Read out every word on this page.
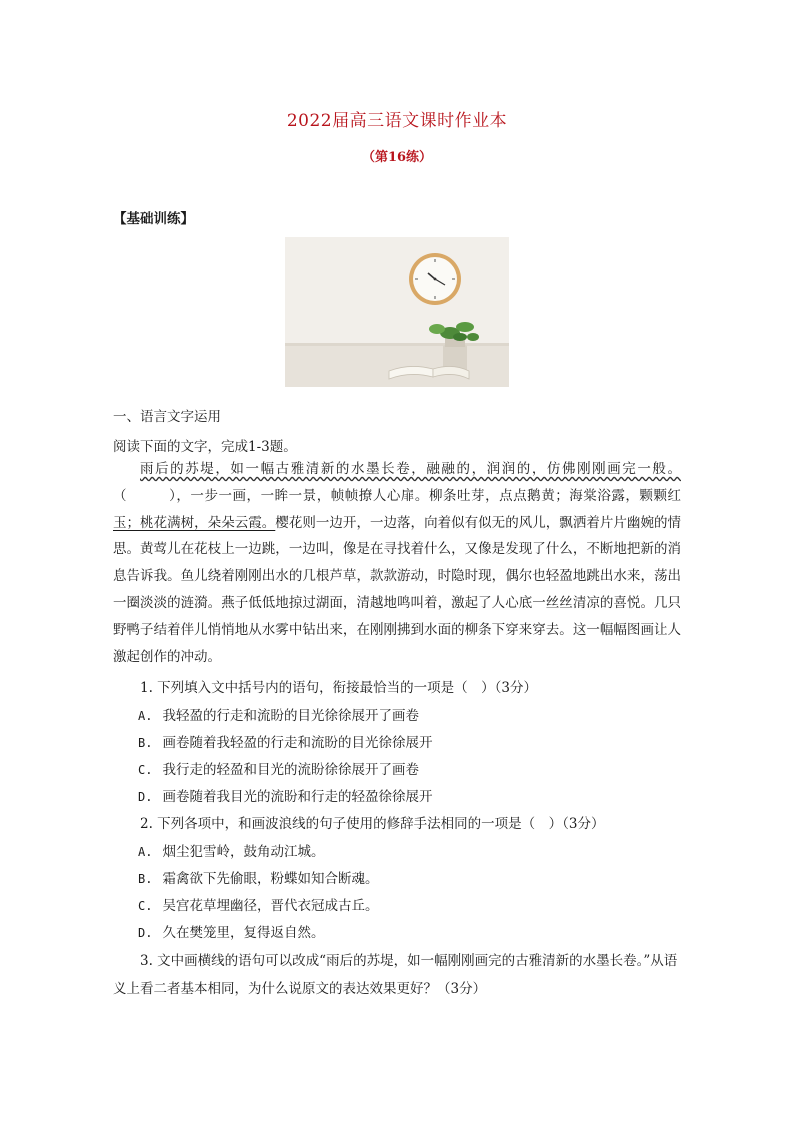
2022届高三语文课时作业本
（第16练）
【基础训练】
一、语言文字运用
阅读下面的文字，完成1-3题。
雨后的苏堤，如一幅古雅清新的水墨长卷，融融的，润润的，仿佛刚刚画完一般。（　　　），一步一画，一眸一景，帧帧撩人心扉。柳条吐芽，点点鹅黄；海棠浴露，颗颗红玉；桃花满树，朵朵云霞。樱花则一边开，一边落，向着似有似无的风儿，飘洒着片片幽婉的情思。黄莺儿在花枝上一边跳，一边叫，像是在寻找着什么，又像是发现了什么，不断地把新的消息告诉我。鱼儿绕着刚刚出水的几根芦草，款款游动，时隐时现，偶尔也轻盈地跳出水来，荡出一圈淡淡的涟漪。燕子低低地掠过湖面，清越地鸣叫着，激起了人心底一丝丝清凉的喜悦。几只野鸭子结着伴儿悄悄地从水雾中钻出来，在刚刚拂到水面的柳条下穿来穿去。这一幅幅图画让人激起创作的冲动。
1. 下列填入文中括号内的语句，衔接最恰当的一项是（　）（3分）
A. 我轻盈的行走和流盼的目光徐徐展开了画卷
B. 画卷随着我轻盈的行走和流盼的目光徐徐展开
C. 我行走的轻盈和目光的流盼徐徐展开了画卷
D. 画卷随着我目光的流盼和行走的轻盈徐徐展开
2. 下列各项中，和画波浪线的句子使用的修辞手法相同的一项是（　）（3分）
A. 烟尘犯雪岭，鼓角动江城。
B. 霜禽欲下先偷眼，粉蝶如知合断魂。
C. 吴宫花草埋幽径，晋代衣冠成古丘。
D. 久在樊笼里，复得返自然。
3. 文中画横线的语句可以改成“雨后的苏堤，如一幅刚刚画完的古雅清新的水墨长卷。”从语义上看二者基本相同，为什么说原文的表达效果更好？（3分）
